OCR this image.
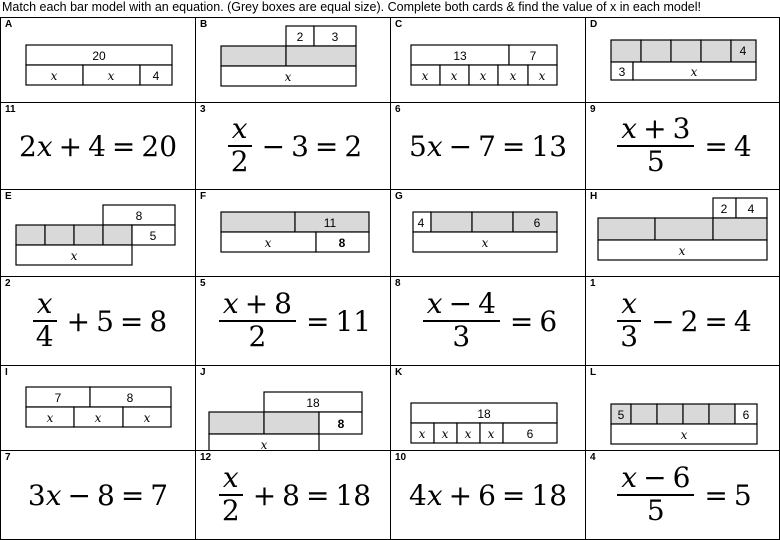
Match each bar model with an equation. (Grey boxes are equal size). Complete both cards & find the value of x in each model!
A
20
x	x	4
B
2 3
x
C
13	7
x x x x x
D
4
3	x
11
2 x + 4 = 20
3
$\frac{x}{2} - 3 = 2$
6
5 x − 7 = 13
9
$\frac{x + 3}{5} = 4$
E
8
5
x
F
11
x	8
G
4	6
x
H
2 4
x
2
$\frac{x}{4} + 5 = 8$
5
$\frac{x + 8}{2} = 11$
8
$\frac{x - 4}{3} = 6$
1
$\frac{x}{3} - 2 = 4$
I
7	8
x	x	x
J
18
8
x
K
18
x x x x	6
L
5	6
x
7
3 x − 8 = 7
12
$\frac{x}{2} + 8 = 18$
10
4 x + 6 = 18
4
$\frac{x - 6}{5} = 5$
